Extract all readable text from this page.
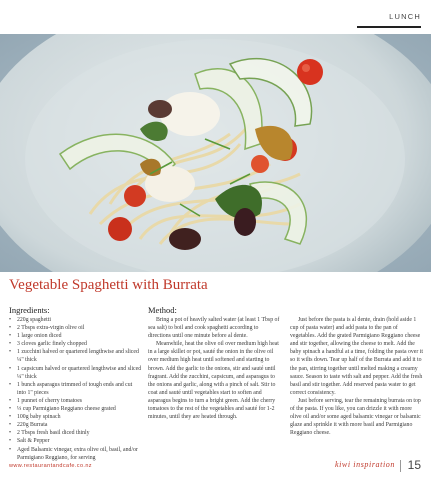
LUNCH
Vegetable Spaghetti with Burrata
Ingredients:	Method:
• 220g spaghetti
• 2 Tbsps extra-virgin olive oil
• 1 large onion diced
• 3 cloves garlic finely chopped
• 1 zucchini halved or quartered lengthwise and sliced ¼" thick
• 1 capsicum halved or quartered lengthwise and sliced ¼" thick
• 1 bunch asparagus trimmed of tough ends and cut into 1" pieces
• 1 punnet of cherry tomatoes
• ⅓ cup Parmigiano Reggiano cheese grated
• 100g baby spinach
• 220g Burrata
• 2 Tbsps fresh basil diced thinly
• Salt & Pepper
• Aged Balsamic vinegar, extra olive oil, basil, and/or Parmigiano Reggiano, for serving

Bring a pot of heavily salted water (at least 1 Tbsp of sea salt) to boil and cook spaghetti according to directions until one minute before al dente.

Meanwhile, heat the olive oil over medium high heat in a large skillet or pot, sauté the onion in the olive oil over medium high heat until softened and starting to brown. Add the garlic to the onions, stir and sauté until fragrant. Add the zucchini, capsicum, and asparagus to the onions and garlic, along with a pinch of salt. Stir to coat and sauté until vegetables start to soften and asparagus begins to turn a bright green. Add the cherry tomatoes to the rest of the vegetables and sauté for 1-2 minutes, until they are heated through.

Just before the pasta is al dente, drain (hold aside 1 cup of pasta water) and add pasta to the pan of vegetables. Add the grated Parmigiano Reggiano cheese and stir together, allowing the cheese to melt. Add the baby spinach a handful at a time, folding the pasta over it so it wilts down. Tear up half of the Burrata and add it to the pan, stirring together until melted making a creamy sauce. Season to taste with salt and pepper. Add the fresh basil and stir together. Add reserved pasta water to get correct consistency.

Just before serving, tear the remaining burrata on top of the pasta. If you like, you can drizzle it with more olive oil and/or some aged balsamic vinegar or balsamic glaze and sprinkle it with more basil and Parmigiano Reggiano cheese.

www.restaurantandcafe.co.nz	kiwi inspiration 15
